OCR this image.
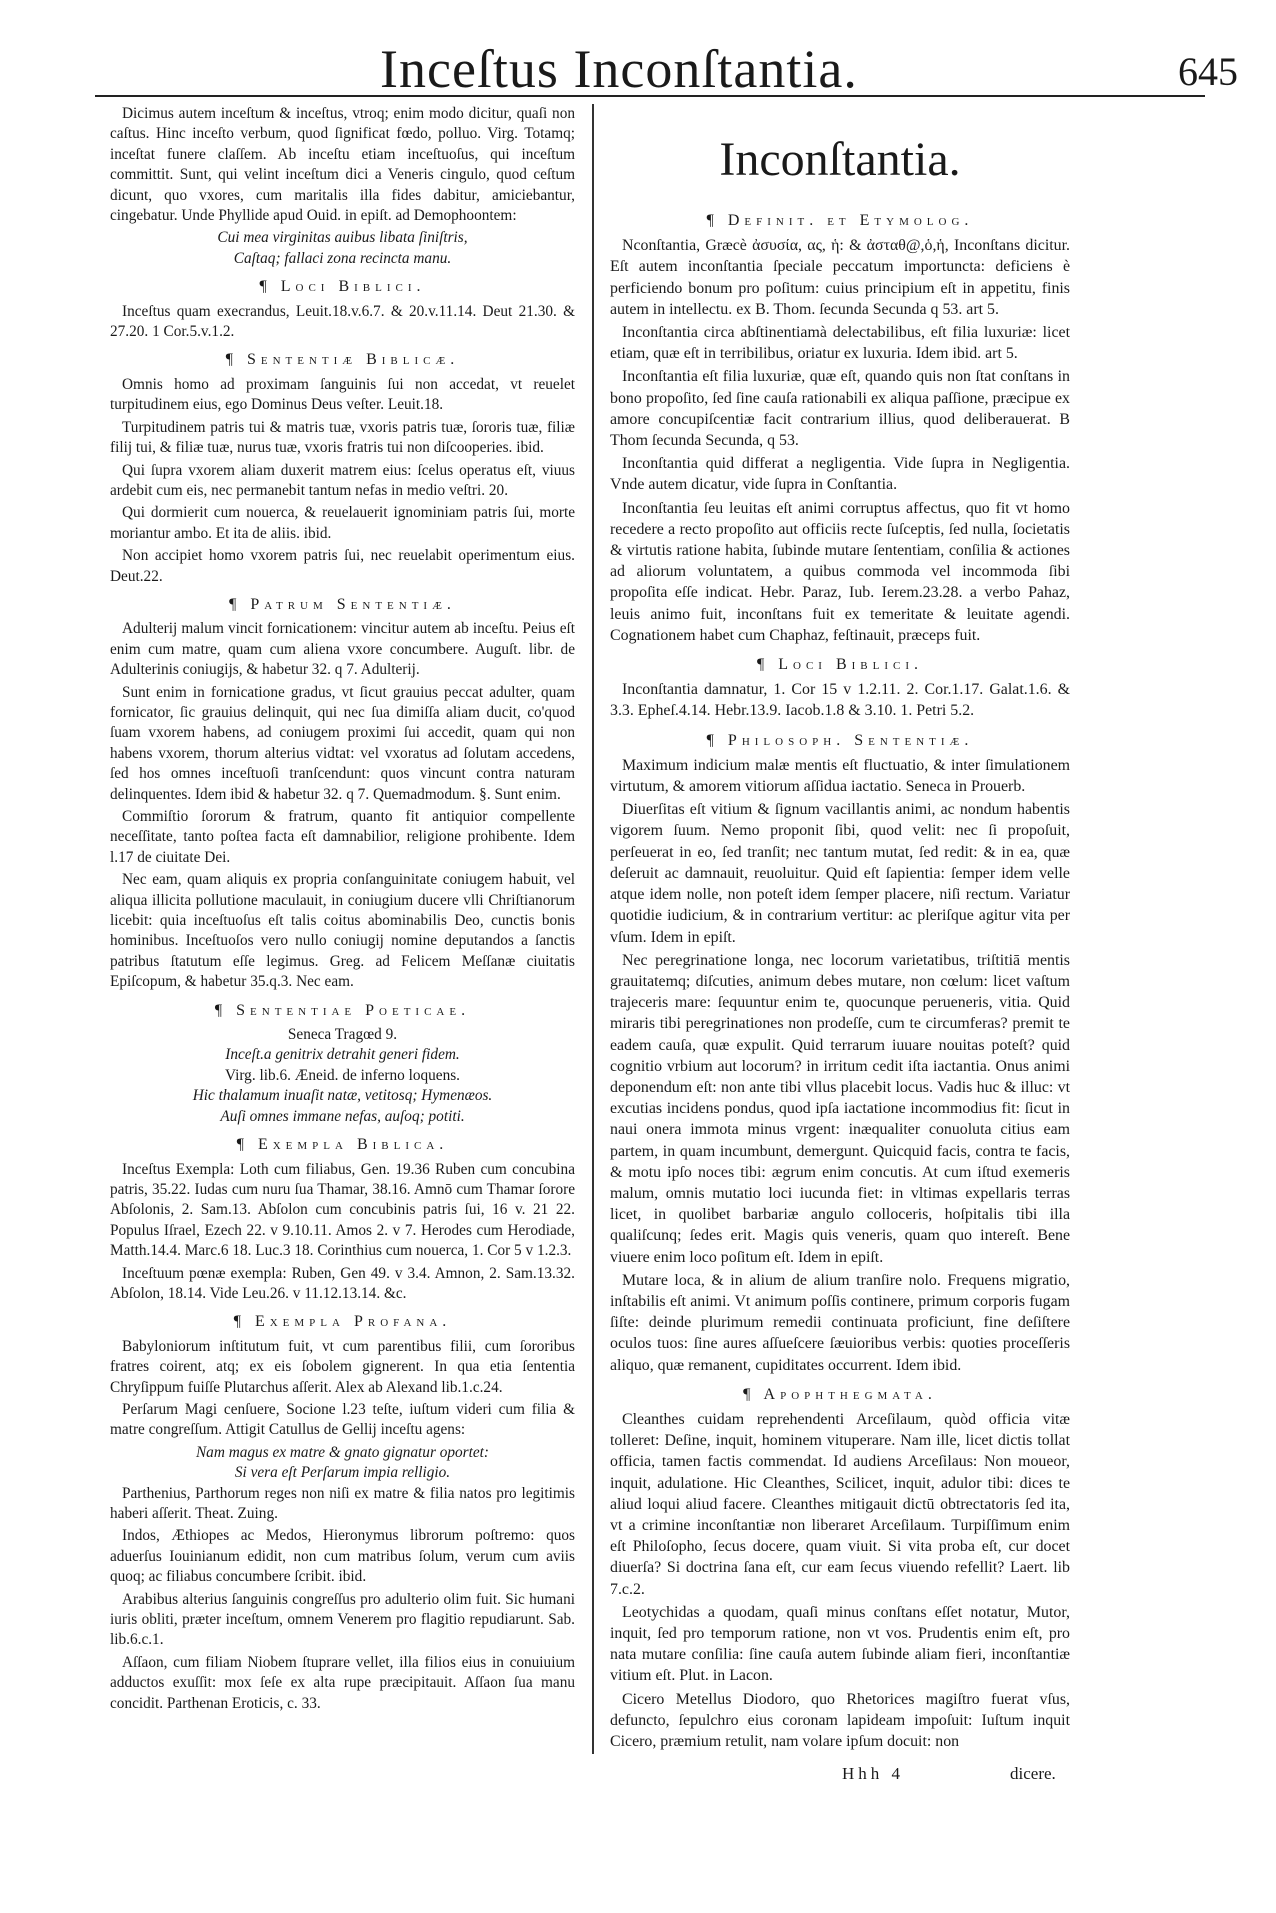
Inceſtus Inconſtantia.	645

Dicimus autem inceſtum & inceſtus, vtroq; enim modo dicitur, quaſi non caſtus. Hinc inceſto verbum, quod ſignificat fœdo, polluo. Virg. Totamq; inceſtat funere claſſem. Ab inceſtu etiam inceſtuoſus, qui inceſtum committit. Sunt, qui velint inceſtum dici a Veneris cingulo, quod ceſtum dicunt, quo vxores, cum maritalis illa fides dabitur, amiciebantur, cingebatur. Unde Phyllide apud Ouid. in epiſt. ad Demophoontem:

Cui mea virginitas auibus libata ſiniſtris,

Caſtaq; fallaci zona recincta manu.

¶ Loci Biblici.

Inceſtus quam execrandus, Leuit.18.v.6.7. & 20.v.11.14. Deut 21.30. & 27.20. 1 Cor.5.v.1.2.

¶ Sententiæ Biblicæ.

Omnis homo ad proximam ſanguinis ſui non accedat, vt reuelet turpitudinem eius, ego Dominus Deus veſter. Leuit.18.

Turpitudinem patris tui & matris tuæ, vxoris patris tuæ, ſororis tuæ, filiæ filij tui, & filiæ tuæ, nurus tuæ, vxoris fratris tui non diſcooperies. ibid.

Qui ſupra vxorem aliam duxerit matrem eius: ſcelus operatus eſt, viuus ardebit cum eis, nec permanebit tantum nefas in medio veſtri. 20.

Qui dormierit cum nouerca, & reuelauerit ignominiam patris ſui, morte moriantur ambo. Et ita de aliis. ibid.

Non accipiet homo vxorem patris ſui, nec reuelabit operimentum eius. Deut.22.

¶ Patrum Sententiæ.

Adulterij malum vincit fornicationem: vincitur autem ab inceſtu. Peius eſt enim cum matre, quam cum aliena vxore concumbere. Auguſt. libr. de Adulterinis coniugijs, & habetur 32. q 7. Adulterij.

Sunt enim in fornicatione gradus, vt ſicut grauius peccat adulter, quam fornicator, ſic grauius delinquit, qui nec ſua dimiſſa aliam ducit, co'quod ſuam vxorem habens, ad coniugem proximi ſui accedit, quam qui non habens vxorem, thorum alterius vidtat: vel vxoratus ad ſolutam accedens, ſed hos omnes inceſtuoſi tranſcendunt: quos vincunt contra naturam delinquentes. Idem ibid & habetur 32. q 7. Quemadmodum. §. Sunt enim.

Commiſtio ſororum & fratrum, quanto fit antiquior compellente neceſſitate, tanto poſtea facta eſt damnabilior, religione prohibente. Idem l.17 de ciuitate Dei.

Nec eam, quam aliquis ex propria conſanguinitate coniugem habuit, vel aliqua illicita pollutione maculauit, in coniugium ducere vlli Chriſtianorum licebit: quia inceſtuoſus eſt talis coitus abominabilis Deo, cunctis bonis hominibus. Inceſtuoſos vero nullo coniugij nomine deputandos a ſanctis patribus ſtatutum eſſe legimus. Greg. ad Felicem Meſſanæ ciuitatis Epiſcopum, & habetur 35.q.3. Nec eam.

¶ Sententiae Poeticae.

Seneca Tragœd 9.

Inceſt.a genitrix detrahit generi fidem.

Virg. lib.6. Æneid. de inferno loquens.

Hic thalamum inuaſit natæ, vetitosq; Hymenæos.

Auſi omnes immane nefas, auſoq; potiti.

¶ Exempla Biblica.

Inceſtus Exempla: Loth cum filiabus, Gen. 19.36 Ruben cum concubina patris, 35.22. Iudas cum nuru ſua Thamar, 38.16. Amnō cum Thamar ſorore Abſolonis, 2. Sam.13. Abſolon cum concubinis patris ſui, 16 v. 21 22. Populus Iſrael, Ezech 22. v 9.10.11. Amos 2. v 7. Herodes cum Herodiade, Matth.14.4. Marc.6 18. Luc.3 18. Corinthius cum nouerca, 1. Cor 5 v 1.2.3.

Inceſtuum pœnæ exempla: Ruben, Gen 49. v 3.4. Amnon, 2. Sam.13.32. Abſolon, 18.14. Vide Leu.26. v 11.12.13.14. &c.

¶ Exempla Profana.

Babyloniorum inſtitutum fuit, vt cum parentibus filii, cum ſororibus fratres coirent, atq; ex eis ſobolem gignerent. In qua etia ſententia Chryſippum fuiſſe Plutarchus aſſerit. Alex ab Alexand lib.1.c.24.

Perſarum Magi cenſuere, Socione l.23 teſte, iuſtum videri cum filia & matre congreſſum. Attigit Catullus de Gellij inceſtu agens:

Nam magus ex matre & gnato gignatur oportet:

Si vera eſt Perſarum impia relligio.

Parthenius, Parthorum reges non niſi ex matre & filia natos pro legitimis haberi aſſerit. Theat. Zuing.

Indos, Æthiopes ac Medos, Hieronymus librorum poſtremo: quos aduerſus Iouinianum edidit, non cum matribus ſolum, verum cum aviis quoq; ac filiabus concumbere ſcribit. ibid.

Arabibus alterius ſanguinis congreſſus pro adulterio olim fuit. Sic humani iuris obliti, præter inceſtum, omnem Venerem pro flagitio repudiarunt. Sab. lib.6.c.1.

Aſſaon, cum filiam Niobem ſtuprare vellet, illa filios eius in conuiuium adductos exuſſit: mox ſeſe ex alta rupe præcipitauit. Aſſaon ſua manu concidit. Parthenan Eroticis, c. 33.

Inconſtantia.

¶ Definit. et Etymolog.

Nconſtantia, Græcè ἀσυσία, ας, ἡ: & ἀσταθ@,ὁ,ἡ, Inconſtans dicitur. Eſt autem inconſtantia ſpeciale peccatum importuncta: deficiens è perficiendo bonum pro poſitum: cuius principium eſt in appetitu, finis autem in intellectu. ex B. Thom. ſecunda Secunda q 53. art 5.

Inconſtantia circa abſtinentiamà delectabilibus, eſt filia luxuriæ: licet etiam, quæ eſt in terribilibus, oriatur ex luxuria. Idem ibid. art 5.

Inconſtantia eſt filia luxuriæ, quæ eſt, quando quis non ſtat conſtans in bono propoſito, ſed ſine cauſa rationabili ex aliqua paſſione, præcipue ex amore concupiſcentiæ facit contrarium illius, quod deliberauerat. B Thom ſecunda Secunda, q 53.

Inconſtantia quid differat a negligentia. Vide ſupra in Negligentia. Vnde autem dicatur, vide ſupra in Conſtantia.

Inconſtantia ſeu leuitas eſt animi corruptus affectus, quo fit vt homo recedere a recto propoſito aut officiis recte ſuſceptis, ſed nulla, ſocietatis & virtutis ratione habita, ſubinde mutare ſententiam, conſilia & actiones ad aliorum voluntatem, a quibus commoda vel incommoda ſibi propoſita eſſe indicat. Hebr. Paraz, Iub. Ierem.23.28. a verbo Pahaz, leuis animo fuit, inconſtans fuit ex temeritate & leuitate agendi. Cognationem habet cum Chaphaz, feſtinauit, præceps fuit.

¶ Loci Biblici.

Inconſtantia damnatur, 1. Cor 15 v 1.2.11. 2. Cor.1.17. Galat.1.6. & 3.3. Epheſ.4.14. Hebr.13.9. Iacob.1.8 & 3.10. 1. Petri 5.2.

¶ Philosoph. Sententiæ.

Maximum indicium malæ mentis eſt fluctuatio, & inter ſimulationem virtutum, & amorem vitiorum aſſidua iactatio. Seneca in Prouerb.

Diuerſitas eſt vitium & ſignum vacillantis animi, ac nondum habentis vigorem ſuum. Nemo proponit ſibi, quod velit: nec ſi propoſuit, perſeuerat in eo, ſed tranſit; nec tantum mutat, ſed redit: & in ea, quæ deſeruit ac damnauit, reuoluitur. Quid eſt ſapientia: ſemper idem velle atque idem nolle, non poteſt idem ſemper placere, niſi rectum. Variatur quotidie iudicium, & in contrarium vertitur: ac pleriſque agitur vita per vſum. Idem in epiſt.

Nec peregrinatione longa, nec locorum varietatibus, triſtitiā mentis grauitatemq; diſcuties, animum debes mutare, non cœlum: licet vaſtum trajeceris mare: ſequuntur enim te, quocunque perueneris, vitia. Quid miraris tibi peregrinationes non prodeſſe, cum te circumferas? premit te eadem cauſa, quæ expulit. Quid terrarum iuuare nouitas poteſt? quid cognitio vrbium aut locorum? in irritum cedit iſta iactantia. Onus animi deponendum eſt: non ante tibi vllus placebit locus. Vadis huc & illuc: vt excutias incidens pondus, quod ipſa iactatione incommodius fit: ſicut in naui onera immota minus vrgent: inæqualiter conuoluta citius eam partem, in quam incumbunt, demergunt. Quicquid facis, contra te facis, & motu ipſo noces tibi: ægrum enim concutis. At cum iſtud exemeris malum, omnis mutatio loci iucunda fiet: in vltimas expellaris terras licet, in quolibet barbariæ angulo colloceris, hoſpitalis tibi illa qualiſcunq; ſedes erit. Magis quis veneris, quam quo intereſt. Bene viuere enim loco poſitum eſt. Idem in epiſt.

Mutare loca, & in alium de alium tranſire nolo. Frequens migratio, inſtabilis eſt animi. Vt animum poſſis continere, primum corporis fugam ſiſte: deinde plurimum remedii continuata proficiunt, fine deſiſtere oculos tuos: ſine aures aſſueſcere ſæuioribus verbis: quoties proceſſeris aliquo, quæ remanent, cupiditates occurrent. Idem ibid.

¶ Apophthegmata.

Cleanthes cuidam reprehendenti Arceſilaum, quòd officia vitæ tolleret: Deſine, inquit, hominem vituperare. Nam ille, licet dictis tollat officia, tamen factis commendat. Id audiens Arceſilaus: Non moueor, inquit, adulatione. Hic Cleanthes, Scilicet, inquit, adulor tibi: dices te aliud loqui aliud facere. Cleanthes mitigauit dictū obtrectatoris ſed ita, vt a crimine inconſtantiæ non liberaret Arceſilaum. Turpiſſimum enim eſt Philoſopho, ſecus docere, quam viuit. Si vita proba eſt, cur docet diuerſa? Si doctrina ſana eſt, cur eam ſecus viuendo refellit? Laert. lib 7.c.2.

Leotychidas a quodam, quaſi minus conſtans eſſet notatur, Mutor, inquit, ſed pro temporum ratione, non vt vos. Prudentis enim eſt, pro nata mutare conſilia: ſine cauſa autem ſubinde aliam fieri, inconſtantiæ vitium eſt. Plut. in Lacon.

Cicero Metellus Diodoro, quo Rhetorices magiſtro fuerat vſus, defuncto, ſepulchro eius coronam lapideam impoſuit: Iuſtum inquit Cicero, præmium retulit, nam volare ipſum docuit: non

Hhh 4	dicere.
